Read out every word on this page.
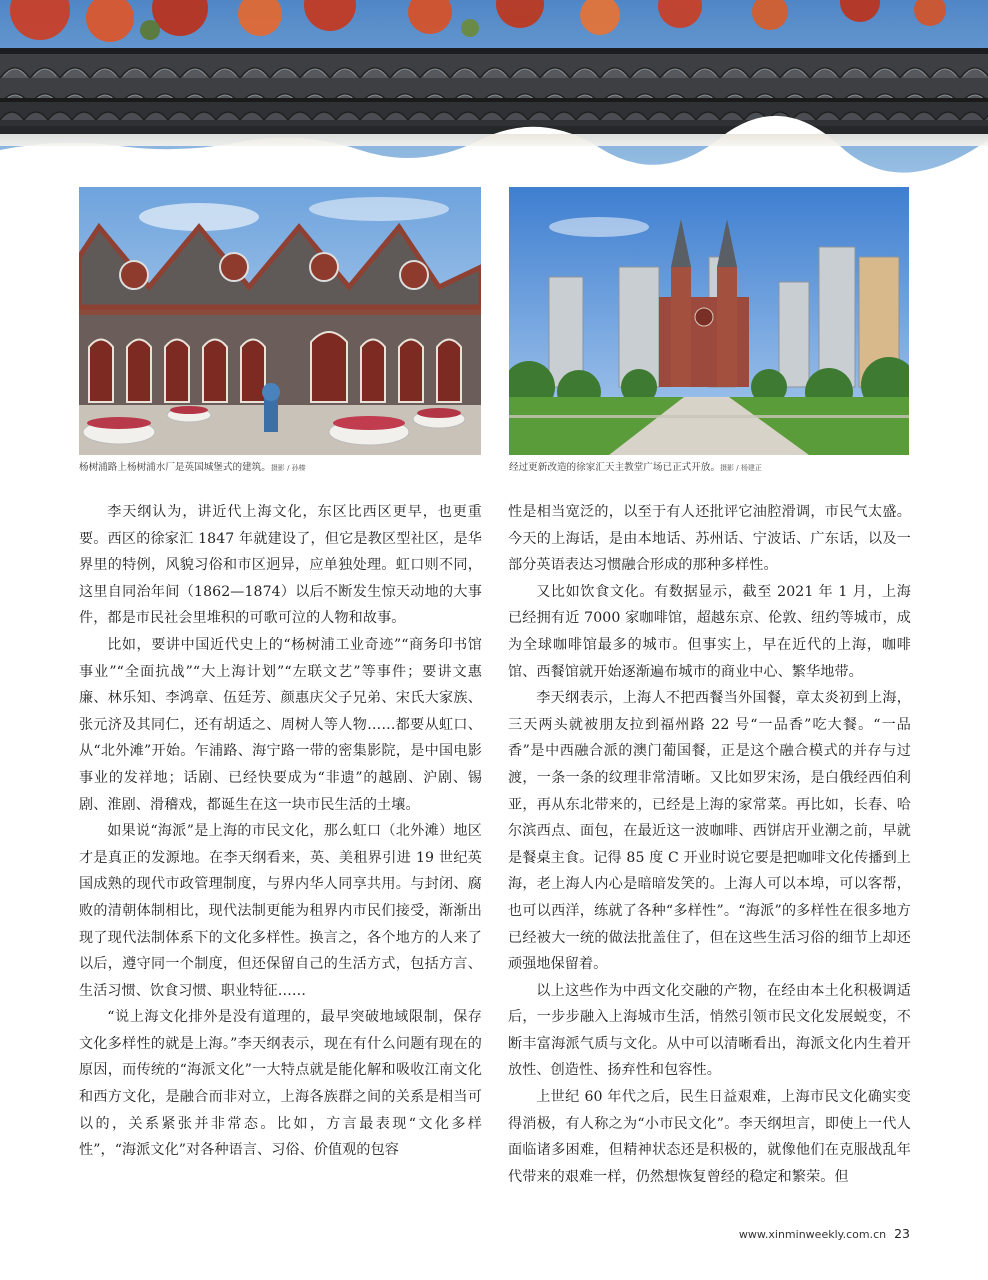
杨树浦路上杨树浦水厂是英国城堡式的建筑。摄影 / 孙榛	经过更新改造的徐家汇天主教堂广场已正式开放。摄影 / 杨建正

李天纲认为，讲近代上海文化，东区比西区更早，也更重要。西区的徐家汇 1847 年就建设了，但它是教区型社区，是华界里的特例，风貌习俗和市区迥异，应单独处理。虹口则不同，这里自同治年间（1862—1874）以后不断发生惊天动地的大事件，都是市民社会里堆积的可歌可泣的人物和故事。

比如，要讲中国近代史上的“杨树浦工业奇迹”“商务印书馆事业”“全面抗战”“大上海计划”“左联文艺”等事件；要讲文惠廉、林乐知、李鸿章、伍廷芳、颜惠庆父子兄弟、宋氏大家族、张元济及其同仁，还有胡适之、周树人等人物……都要从虹口、从“北外滩”开始。乍浦路、海宁路一带的密集影院，是中国电影事业的发祥地；话剧、已经快要成为“非遗”的越剧、沪剧、锡剧、淮剧、滑稽戏，都诞生在这一块市民生活的土壤。

如果说“海派”是上海的市民文化，那么虹口（北外滩）地区才是真正的发源地。在李天纲看来，英、美租界引进 19 世纪英国成熟的现代市政管理制度，与界内华人同享共用。与封闭、腐败的清朝体制相比，现代法制更能为租界内市民们接受，渐渐出现了现代法制体系下的文化多样性。换言之，各个地方的人来了以后，遵守同一个制度，但还保留自己的生活方式，包括方言、生活习惯、饮食习惯、职业特征……

“说上海文化排外是没有道理的，最早突破地域限制，保存文化多样性的就是上海。”李天纲表示，现在有什么问题有现在的原因，而传统的“海派文化”一大特点就是能化解和吸收江南文化和西方文化，是融合而非对立，上海各族群之间的关系是相当可以的，关系紧张并非常态。比如，方言最表现“文化多样性”，“海派文化”对各种语言、习俗、价值观的包容

性是相当宽泛的，以至于有人还批评它油腔滑调，市民气太盛。今天的上海话，是由本地话、苏州话、宁波话、广东话，以及一部分英语表达习惯融合形成的那种多样性。

又比如饮食文化。有数据显示，截至 2021 年 1 月，上海已经拥有近 7000 家咖啡馆，超越东京、伦敦、纽约等城市，成为全球咖啡馆最多的城市。但事实上，早在近代的上海，咖啡馆、西餐馆就开始逐渐遍布城市的商业中心、繁华地带。

李天纲表示，上海人不把西餐当外国餐，章太炎初到上海，三天两头就被朋友拉到福州路 22 号“一品香”吃大餐。“一品香”是中西融合派的澳门葡国餐，正是这个融合模式的并存与过渡，一条一条的纹理非常清晰。又比如罗宋汤，是白俄经西伯利亚，再从东北带来的，已经是上海的家常菜。再比如，长春、哈尔滨西点、面包，在最近这一波咖啡、西饼店开业潮之前，早就是餐桌主食。记得 85 度 C 开业时说它要是把咖啡文化传播到上海，老上海人内心是暗暗发笑的。上海人可以本埠，可以客帮，也可以西洋，练就了各种“多样性”。“海派”的多样性在很多地方已经被大一统的做法批盖住了，但在这些生活习俗的细节上却还顽强地保留着。

以上这些作为中西文化交融的产物，在经由本土化积极调适后，一步步融入上海城市生活，悄然引领市民文化发展蜕变，不断丰富海派气质与文化。从中可以清晰看出，海派文化内生着开放性、创造性、扬弃性和包容性。

上世纪 60 年代之后，民生日益艰难，上海市民文化确实变得消极，有人称之为“小市民文化”。李天纲坦言，即使上一代人面临诸多困难，但精神状态还是积极的，就像他们在克服战乱年代带来的艰难一样，仍然想恢复曾经的稳定和繁荣。但

www.xinminweekly.com.cn 23
